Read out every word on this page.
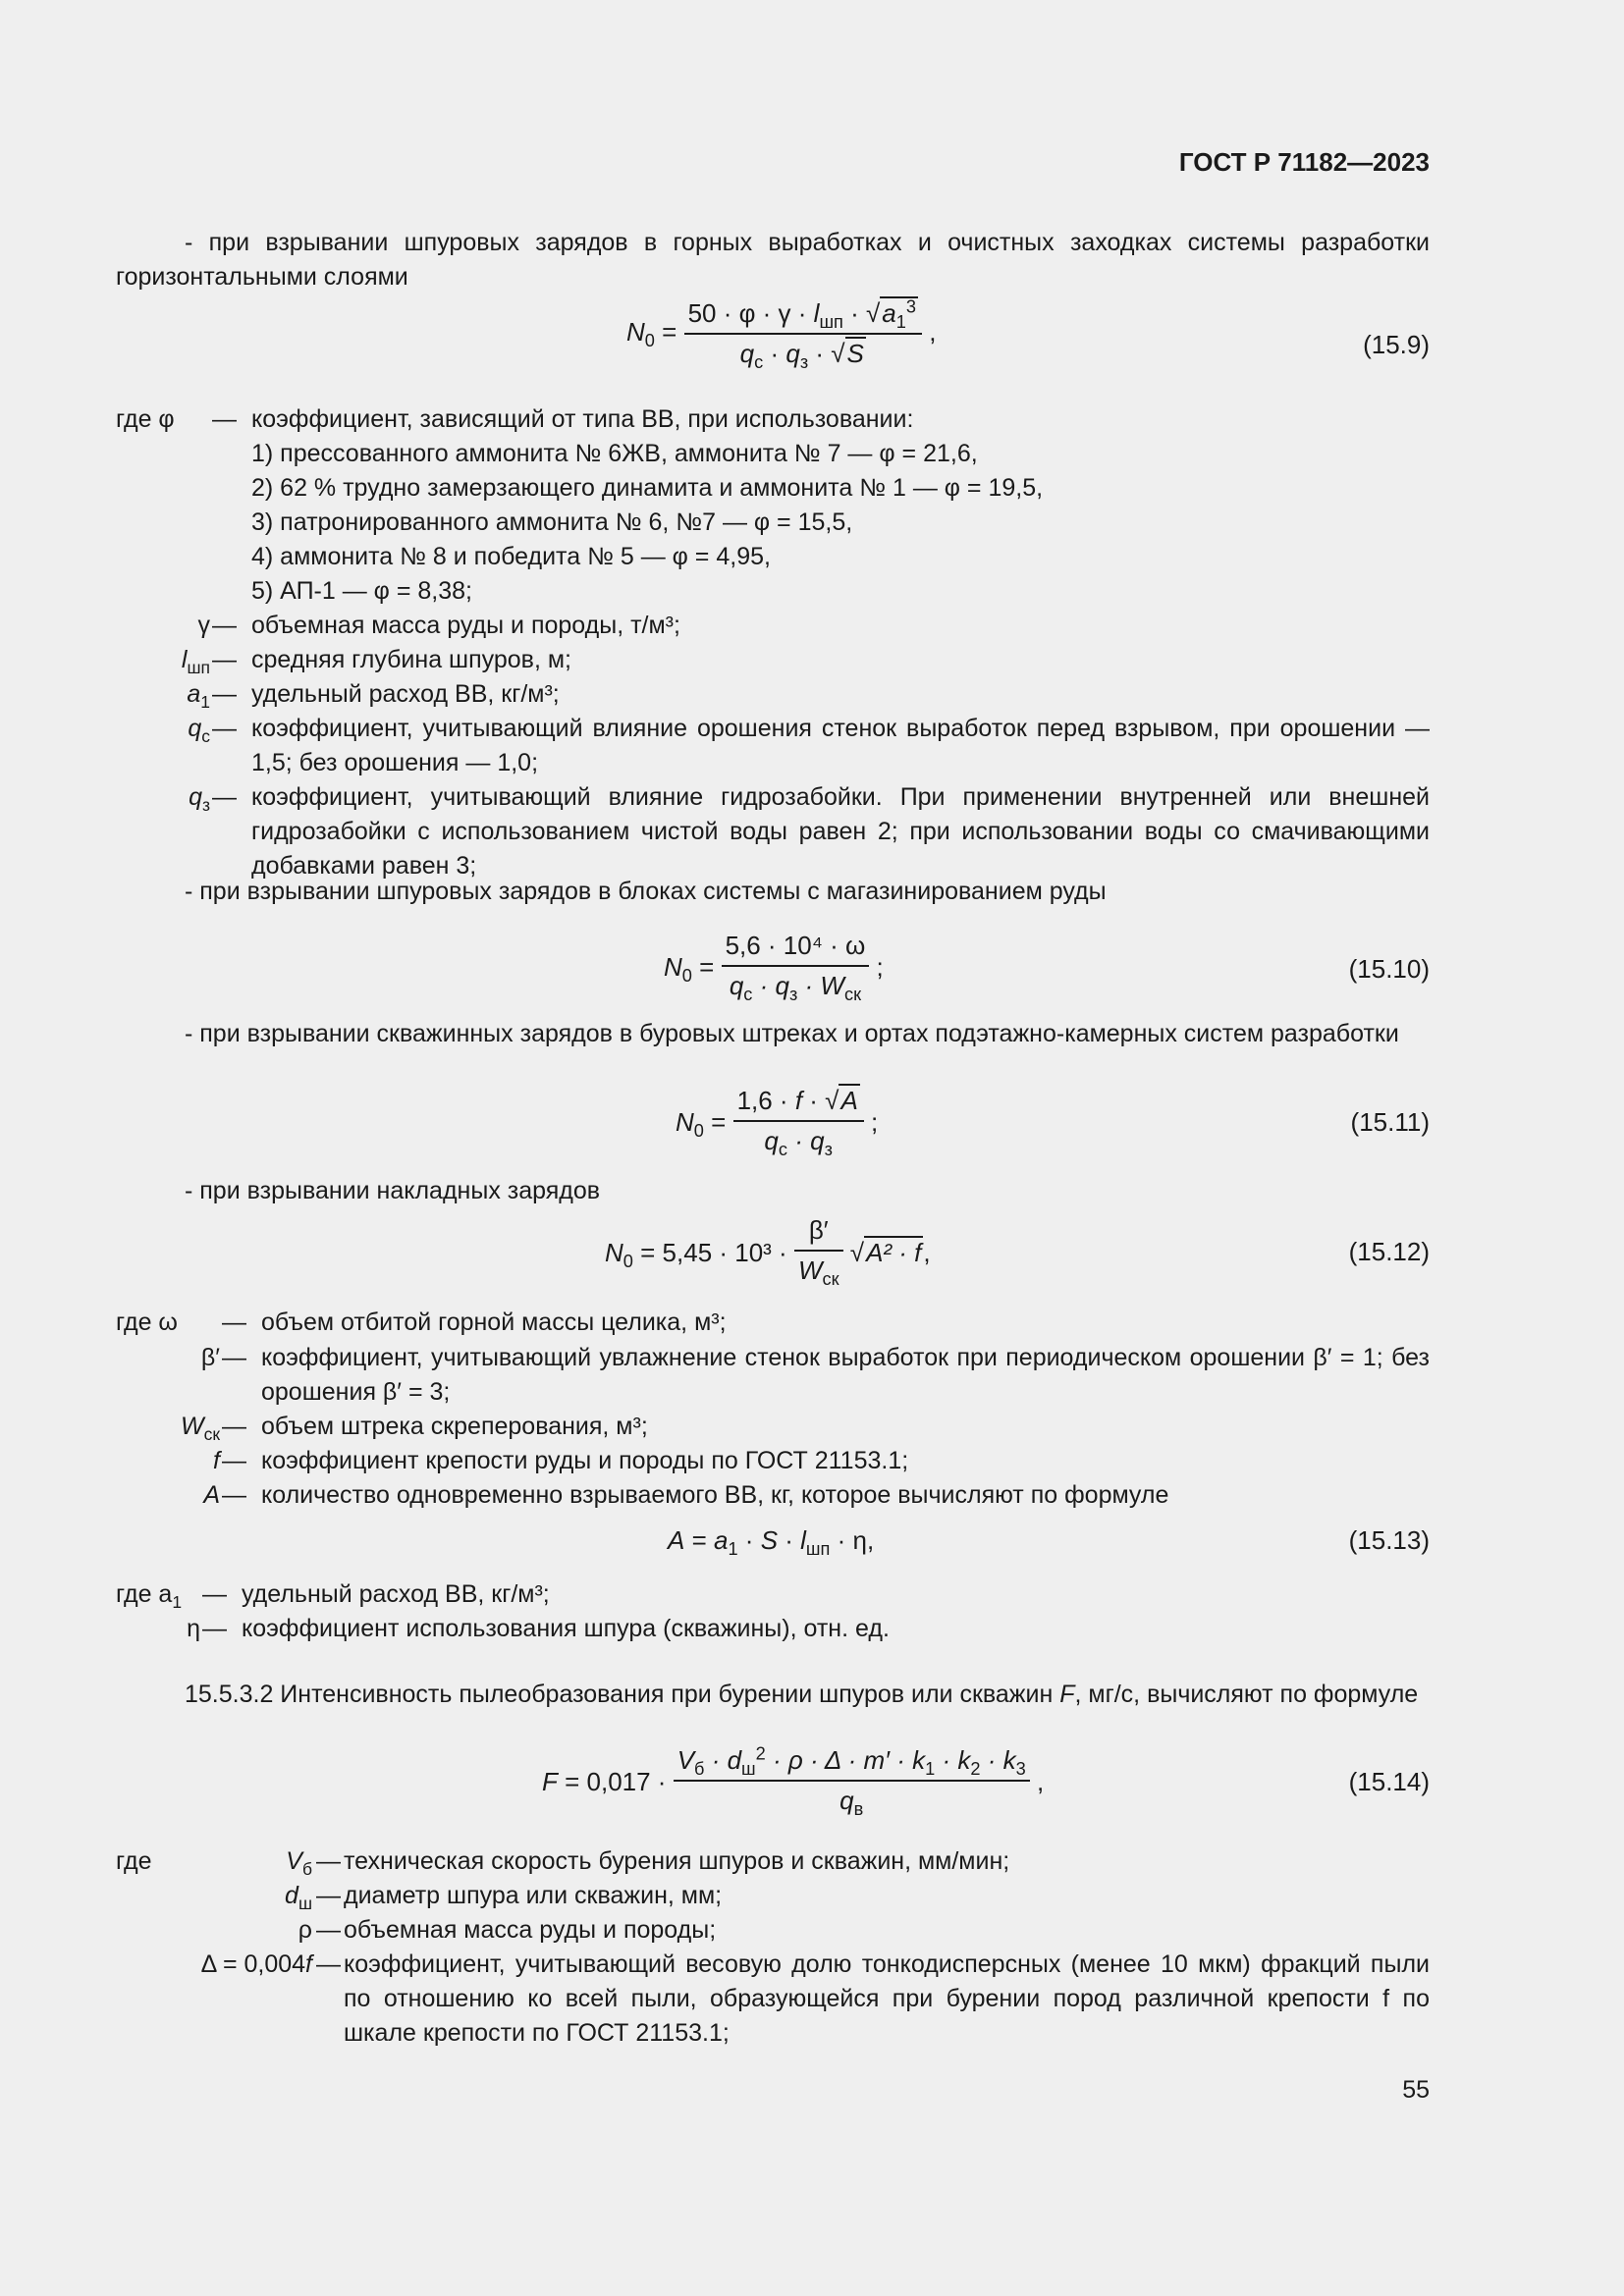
ГОСТ Р 71182—2023
- при взрывании шпуровых зарядов в горных выработках и очистных заходках системы разработки горизонтальными слоями
$N_0 = \frac{50 \cdot \varphi \cdot \gamma \cdot l_{шп} \cdot √a_1^3}{q_с \cdot q_з \cdot √S}$ ,	(15.9)
где φ — коэффициент, зависящий от типа ВВ, при использовании:
1) прессованного аммонита № 6ЖВ, аммонита № 7 — φ = 21,6,
2) 62 % трудно замерзающего динамита и аммонита № 1 — φ = 19,5,
3) патронированного аммонита № 6, №7 — φ = 15,5,
4) аммонита № 8 и победита № 5 — φ = 4,95,
5) АП-1 — φ = 8,38;
γ — объемная масса руды и породы, т/м³;
$l_{шп}$ — средняя глубина шпуров, м;
$a_1$ — удельный расход ВВ, кг/м³;
$q_с$ — коэффициент, учитывающий влияние орошения стенок выработок перед взрывом, при орошении — 1,5; без орошения — 1,0;
$q_з$ — коэффициент, учитывающий влияние гидрозабойки. При применении внутренней или внешней гидрозабойки с использованием чистой воды равен 2; при использовании воды со смачивающими добавками равен 3;
- при взрывании шпуровых зарядов в блоках системы с магазинированием руды
$N_0 = \frac{\text{5,6 · 10⁴ · ω}}{q_с \cdot q_з \cdot W_{ск}}$ ;	(15.10)
- при взрывании скважинных зарядов в буровых штреках и ортах подэтажно-камерных систем разработки
$N_0 = \frac{1,6 \cdot f \cdot √A}{q_с \cdot q_з}$ ;	(15.11)
- при взрывании накладных зарядов
$N_0 = 5,45 \cdot 10^3 \cdot \frac{\beta'}{W_{ск}} √A^2 \cdot f$,	(15.12)
где ω — объем отбитой горной массы целика, м³;
β′ — коэффициент, учитывающий увлажнение стенок выработок при периодическом орошении β′ = 1; без орошения β′ = 3;
$W_{ск}$ — объем штрека скреперования, м³;
f — коэффициент крепости руды и породы по ГОСТ 21153.1;
A — количество одновременно взрываемого ВВ, кг, которое вычисляют по формуле
$A = a_1 \cdot S \cdot l_{шп} \cdot \eta$,	(15.13)
где $a_1$ — удельный расход ВВ, кг/м³;
η — коэффициент использования шпура (скважины), отн. ед.
15.5.3.2 Интенсивность пылеобразования при бурении шпуров или скважин F, мг/с, вычисляют по формуле
$F = 0,017 \cdot \frac{V_б \cdot d_ш^2 \cdot \rho \cdot \Delta \cdot m' \cdot k_1 \cdot k_2 \cdot k_3}{q_в}$ ,	(15.14)
где	$V_б$ — техническая скорость бурения шпуров и скважин, мм/мин;
$d_ш$ — диаметр шпура или скважин, мм;
ρ — объемная масса руды и породы;
Δ = 0,004f — коэффициент, учитывающий весовую долю тонкодисперсных (менее 10 мкм) фракций пыли по отношению ко всей пыли, образующейся при бурении пород различной крепости f по шкале крепости по ГОСТ 21153.1;
55
